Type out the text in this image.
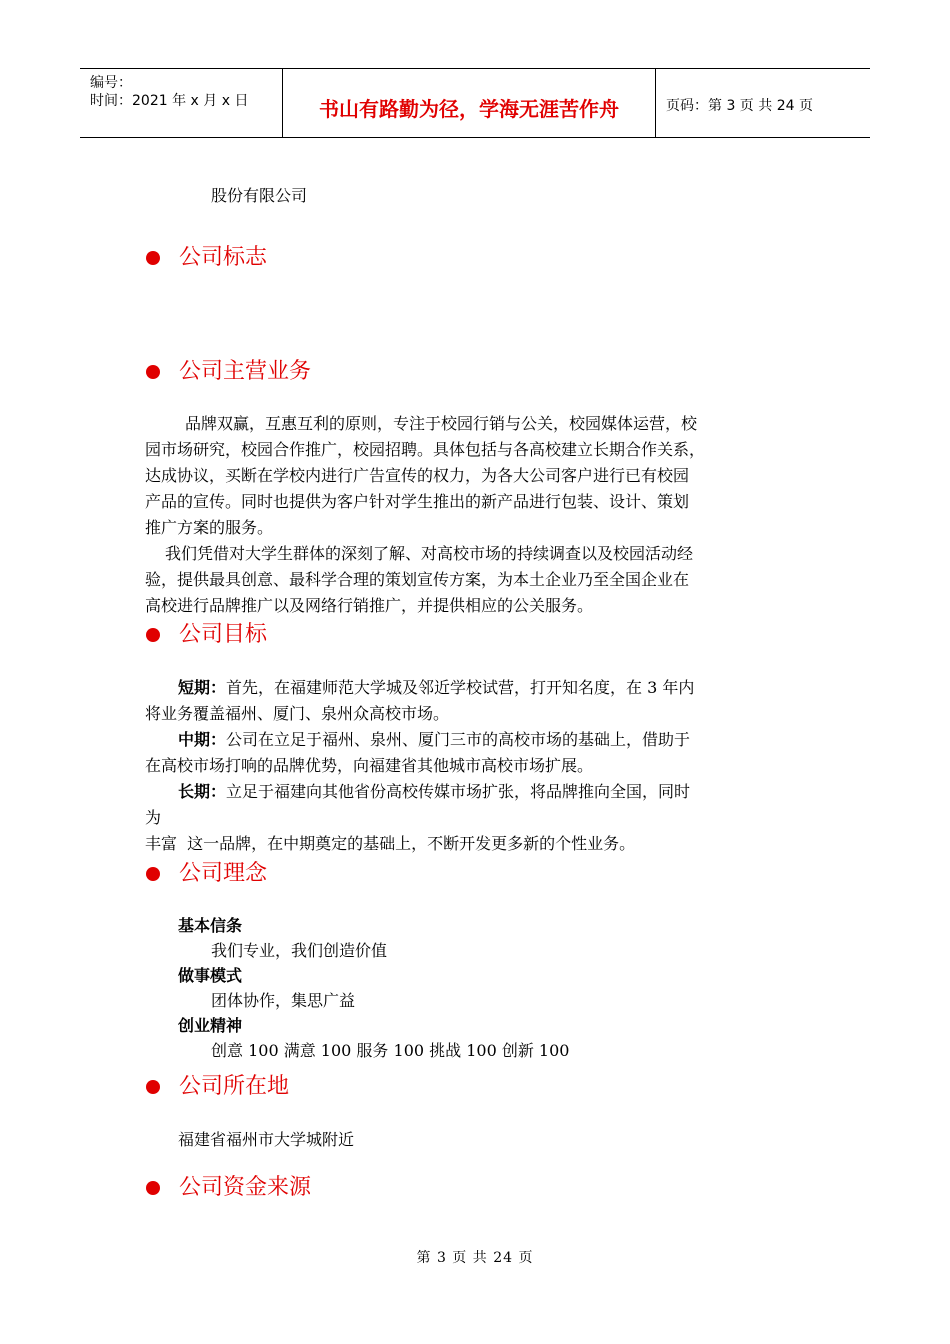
编号：
时间：2021 年 x 月 x 日	书山有路勤为径，学海无涯苦作舟	页码：第 3 页 共 24 页
股份有限公司
公司标志
公司主营业务

品牌双赢，互惠互利的原则，专注于校园行销与公关，校园媒体运营，校

园市场研究，校园合作推广，校园招聘。具体包括与各高校建立长期合作关系，

达成协议，买断在学校内进行广告宣传的权力，为各大公司客户进行已有校园

产品的宣传。同时也提供为客户针对学生推出的新产品进行包装、设计、策划

推广方案的服务。

我们凭借对大学生群体的深刻了解、对高校市场的持续调查以及校园活动经

验，提供最具创意、最科学合理的策划宣传方案，为本土企业乃至全国企业在

高校进行品牌推广以及网络行销推广，并提供相应的公关服务。

公司目标

短期：首先，在福建师范大学城及邻近学校试营，打开知名度，在 3 年内

将业务覆盖福州、厦门、泉州众高校市场。

中期：公司在立足于福州、泉州、厦门三市的高校市场的基础上，借助于

在高校市场打响的品牌优势，向福建省其他城市高校市场扩展。

长期：立足于福建向其他省份高校传媒市场扩张，将品牌推向全国，同时

为

丰富  这一品牌，在中期奠定的基础上，不断开发更多新的个性业务。

公司理念
基本信条
我们专业，我们创造价值
做事模式
团体协作，集思广益
创业精神
创意 100 满意 100 服务 100 挑战 100 创新 100
公司所在地
福建省福州市大学城附近
公司资金来源
第 3 页 共 24 页
